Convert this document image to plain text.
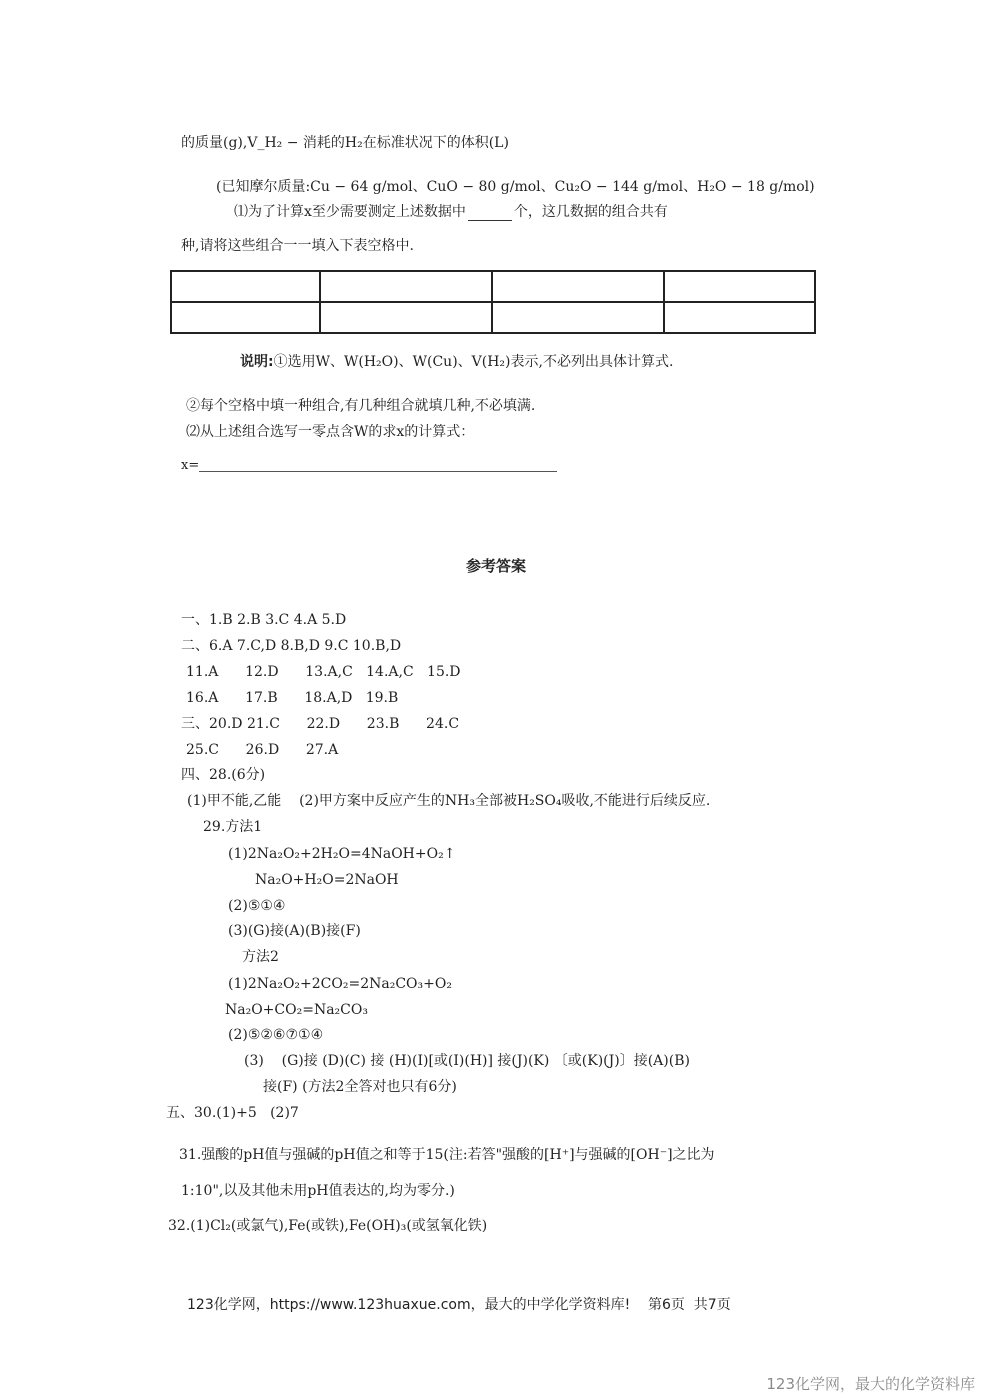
的质量(g),V_H₂ − 消耗的H₂在标准状况下的体积(L)
(已知摩尔质量:Cu − 64 g/mol、CuO − 80 g/mol、Cu₂O − 144 g/mol、H₂O − 18 g/mol)
⑴为了计算x至少需要测定上述数据中	个，这几数据的组合共有
种,请将这些组合一一填入下表空格中.

说明:①选用W、W(H₂O)、W(Cu)、V(H₂)表示,不必列出具体计算式.
②每个空格中填一种组合,有几种组合就填几种,不必填满.
⑵从上述组合选写一零点含W的求x的计算式：
x=
参考答案
一、1.B 2.B 3.C 4.A 5.D
二、6.A 7.C,D 8.B,D 9.C 10.B,D
11.A      12.D      13.A,C   14.A,C   15.D
16.A      17.B      18.A,D   19.B
三、20.D 21.C      22.D      23.B      24.C
25.C      26.D      27.A
四、28.(6分)
(1)甲不能,乙能    (2)甲方案中反应产生的NH₃全部被H₂SO₄吸收,不能进行后续反应.
29.方法1
(1)2Na₂O₂+2H₂O=4NaOH+O₂↑
Na₂O+H₂O=2NaOH
(2)⑤①④
(3)(G)接(A)(B)接(F)
方法2
(1)2Na₂O₂+2CO₂=2Na₂CO₃+O₂
Na₂O+CO₂=Na₂CO₃
(2)⑤②⑥⑦①④
(3)    (G)接 (D)(C) 接 (H)(I)[或(I)(H)] 接(J)(K) 〔或(K)(J)〕接(A)(B)
接(F) (方法2全答对也只有6分)
五、30.(1)+5   (2)7
31.强酸的pH值与强碱的pH值之和等于15(注:若答"强酸的[H⁺]与强碱的[OH⁻]之比为
1:10",以及其他未用pH值表达的,均为零分.)
32.(1)Cl₂(或氯气),Fe(或铁),Fe(OH)₃(或氢氧化铁)
123化学网，https://www.123huaxue.com，最大的中学化学资料库!    第6页  共7页
123化学网，最大的化学资料库
